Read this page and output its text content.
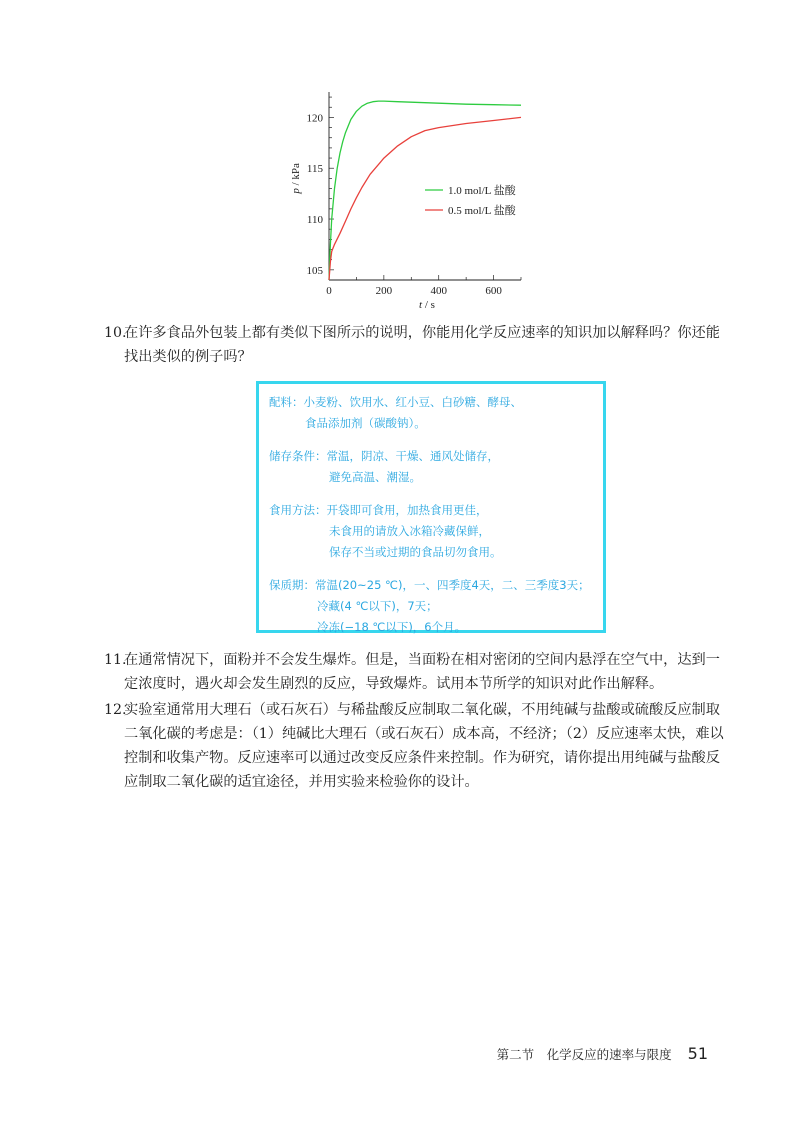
105
110
115
120
0	200	400	600
t / s
p / kPa
1.0 mol/L 盐酸
0.5 mol/L 盐酸
10.
在许多食品外包装上都有类似下图所示的说明，你能用化学反应速率的知识加以解释吗？你还能
找出类似的例子吗？
配料：小麦粉、饮用水、红小豆、白砂糖、酵母、
食品添加剂（碳酸钠）。
储存条件：常温，阴凉、干燥、通风处储存，
避免高温、潮湿。
食用方法：开袋即可食用，加热食用更佳，
未食用的请放入冰箱冷藏保鲜，
保存不当或过期的食品切勿食用。
保质期：常温(20~25 ℃)，一、四季度4天，二、三季度3天；
冷藏(4 ℃以下)，7天；
冷冻(−18 ℃以下)，6个月。
11.
在通常情况下，面粉并不会发生爆炸。但是，当面粉在相对密闭的空间内悬浮在空气中，达到一
定浓度时，遇火却会发生剧烈的反应，导致爆炸。试用本节所学的知识对此作出解释。
12.
实验室通常用大理石（或石灰石）与稀盐酸反应制取二氧化碳，不用纯碱与盐酸或硫酸反应制取
二氧化碳的考虑是：（1）纯碱比大理石（或石灰石）成本高，不经济；（2）反应速率太快，难以
控制和收集产物。反应速率可以通过改变反应条件来控制。作为研究，请你提出用纯碱与盐酸反
应制取二氧化碳的适宜途径，并用实验来检验你的设计。
第二节　化学反应的速率与限度 51
